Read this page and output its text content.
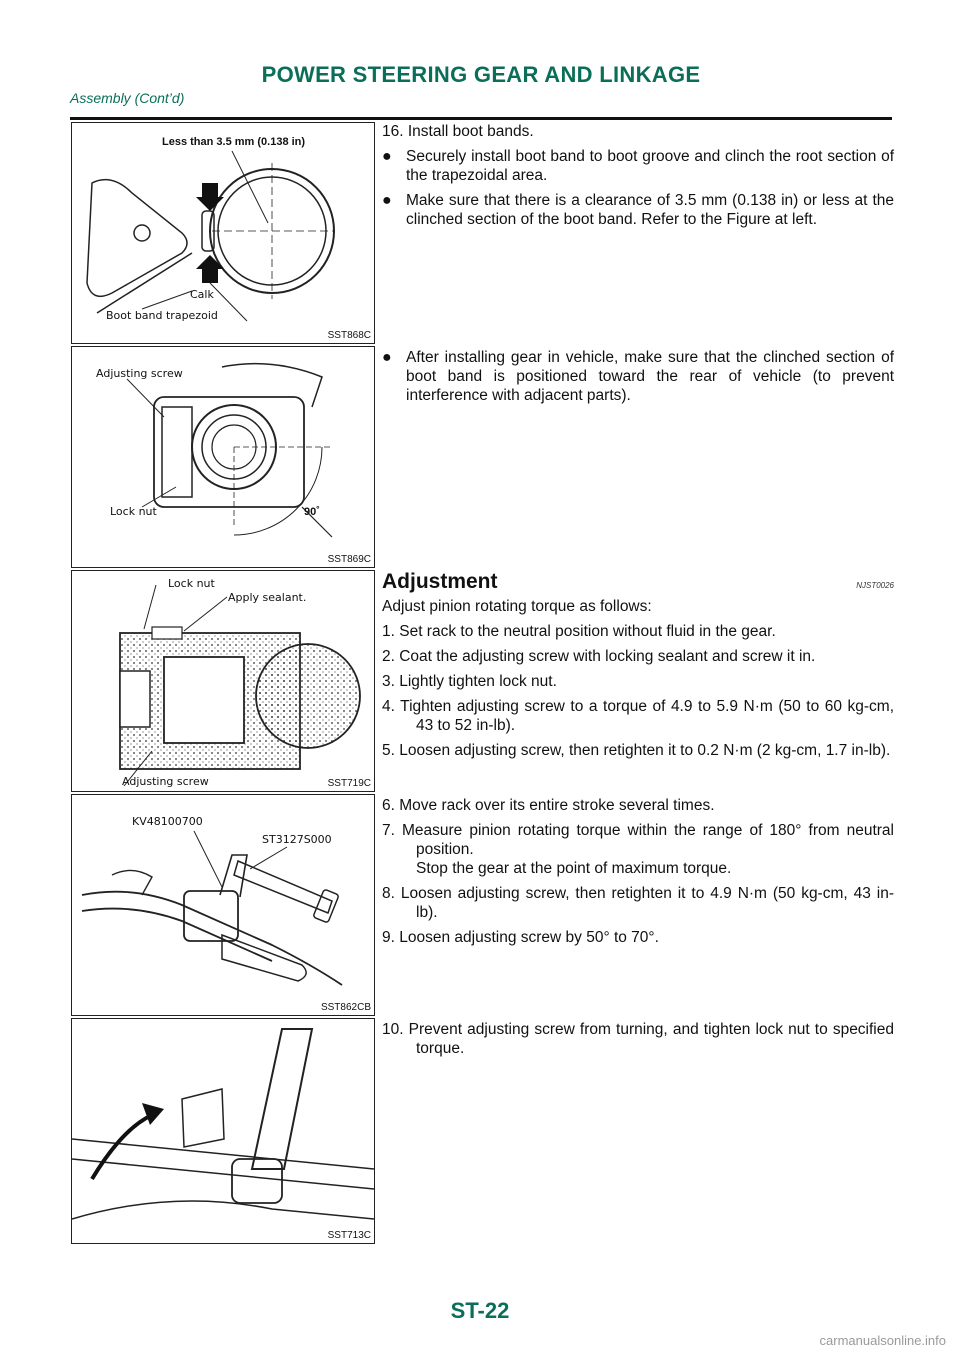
POWER STEERING GEAR AND LINKAGE
Assembly (Cont’d)
Less than 3.5 mm (0.138 in)
Calk
Boot band trapezoid
SST868C
Adjusting screw
Lock nut	90˚
SST869C
Lock nut
Apply sealant.
Adjusting screw	SST719C
KV48100700
ST3127S000
SST862CB
SST713C

16. Install boot bands.

● Securely install boot band to boot groove and clinch the root section of the trapezoidal area.
● Make sure that there is a clearance of 3.5 mm (0.138 in) or less at the clinched section of the boot band. Refer to the Figure at left.
● After installing gear in vehicle, make sure that the clinched section of boot band is positioned toward the rear of vehicle (to prevent interference with adjacent parts).
Adjustment	NJST0026

Adjust pinion rotating torque as follows:

1. Set rack to the neutral position without fluid in the gear.

2. Coat the adjusting screw with locking sealant and screw it in.

3. Lightly tighten lock nut.

4. Tighten adjusting screw to a torque of 4.9 to 5.9 N·m (50 to 60 kg-cm, 43 to 52 in-lb).

5. Loosen adjusting screw, then retighten it to 0.2 N·m (2 kg-cm, 1.7 in-lb).

6. Move rack over its entire stroke several times.

7. Measure pinion rotating torque within the range of 180° from neutral position.
Stop the gear at the point of maximum torque.

8. Loosen adjusting screw, then retighten it to 4.9 N·m (50 kg-cm, 43 in-lb).

9. Loosen adjusting screw by 50° to 70°.

10. Prevent adjusting screw from turning, and tighten lock nut to specified torque.

ST-22
carmanualsonline.info
